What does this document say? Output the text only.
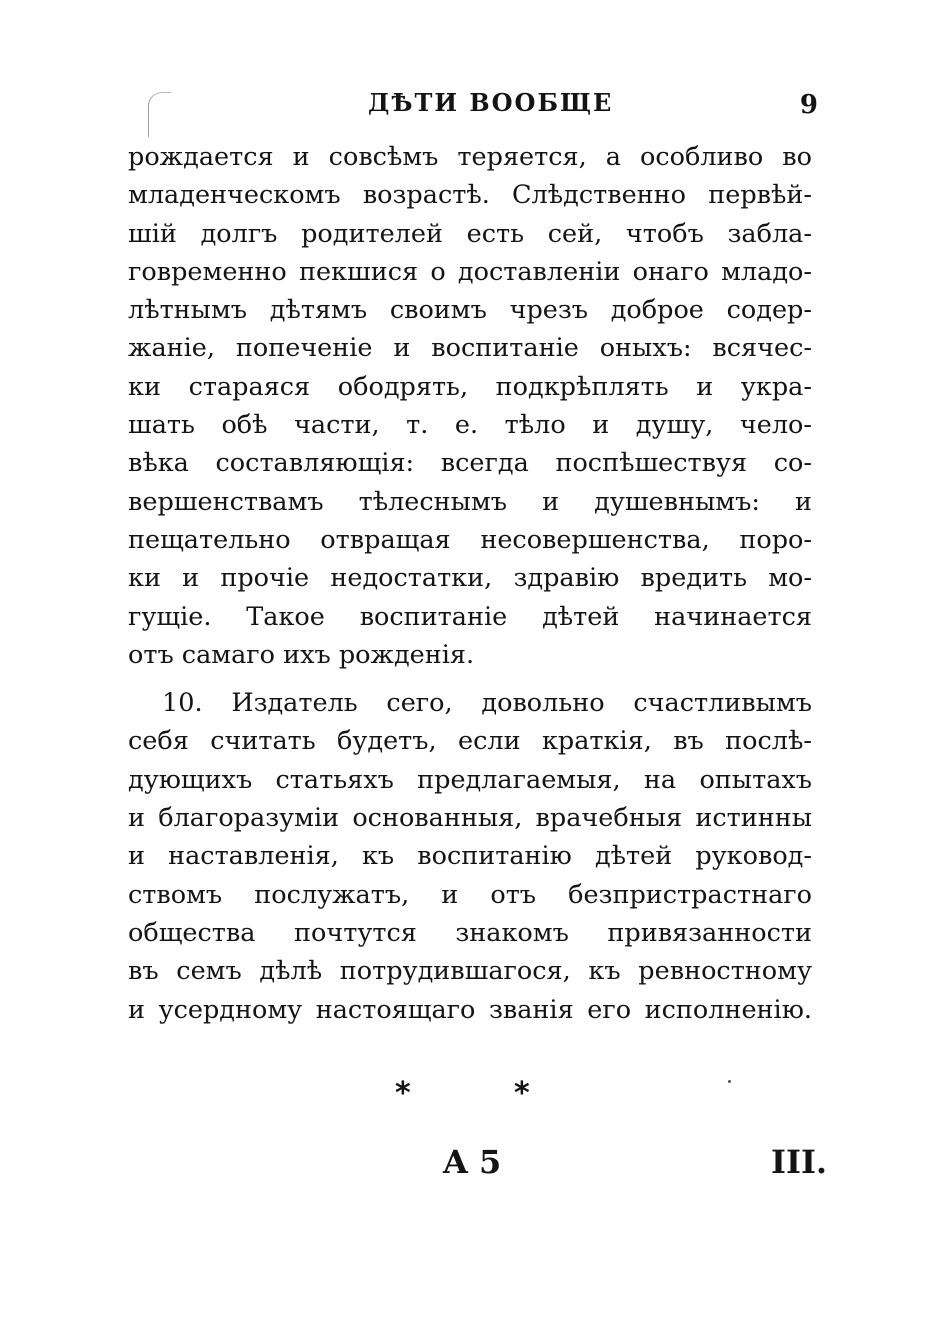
ДѢТИ ВООБЩЕ	9
рождается и совсѣмъ теряется, а особливо во
младенческомъ возрастѣ. Слѣдственно первѣй-
шій долгъ родителей есть сей, чтобъ забла-
говременно пекшися о доставленіи онаго младо-
лѣтнымъ дѣтямъ своимъ чрезъ доброе содер-
жаніе, попеченіе и воспитаніе оныхъ: всячес-
ки стараяся ободрять, подкрѣплять и укра-
шать обѣ части, т. е. тѣло и душу, чело-
вѣка составляющія: всегда поспѣшествуя со-
вершенствамъ тѣлеснымъ и душевнымъ: и
пещательно отвращая несовершенства, поро-
ки и прочіе недостатки, здравію вредить мо-
гущіе. Такое воспитаніе дѣтей начинается
отъ самаго ихъ рожденія.
10. Издатель сего, довольно счастливымъ
себя считать будетъ, если краткія, въ послѣ-
дующихъ статьяхъ предлагаемыя, на опытахъ
и благоразуміи основанныя, врачебныя истинны
и наставленія, къ воспитанію дѣтей руковод-
ствомъ послужатъ, и отъ безпристрастнаго
общества почтутся знакомъ привязанности
въ семъ дѣлѣ потрудившагося, къ ревностному
и усердному настоящаго званія его исполненію.
*	*
A 5	III.
